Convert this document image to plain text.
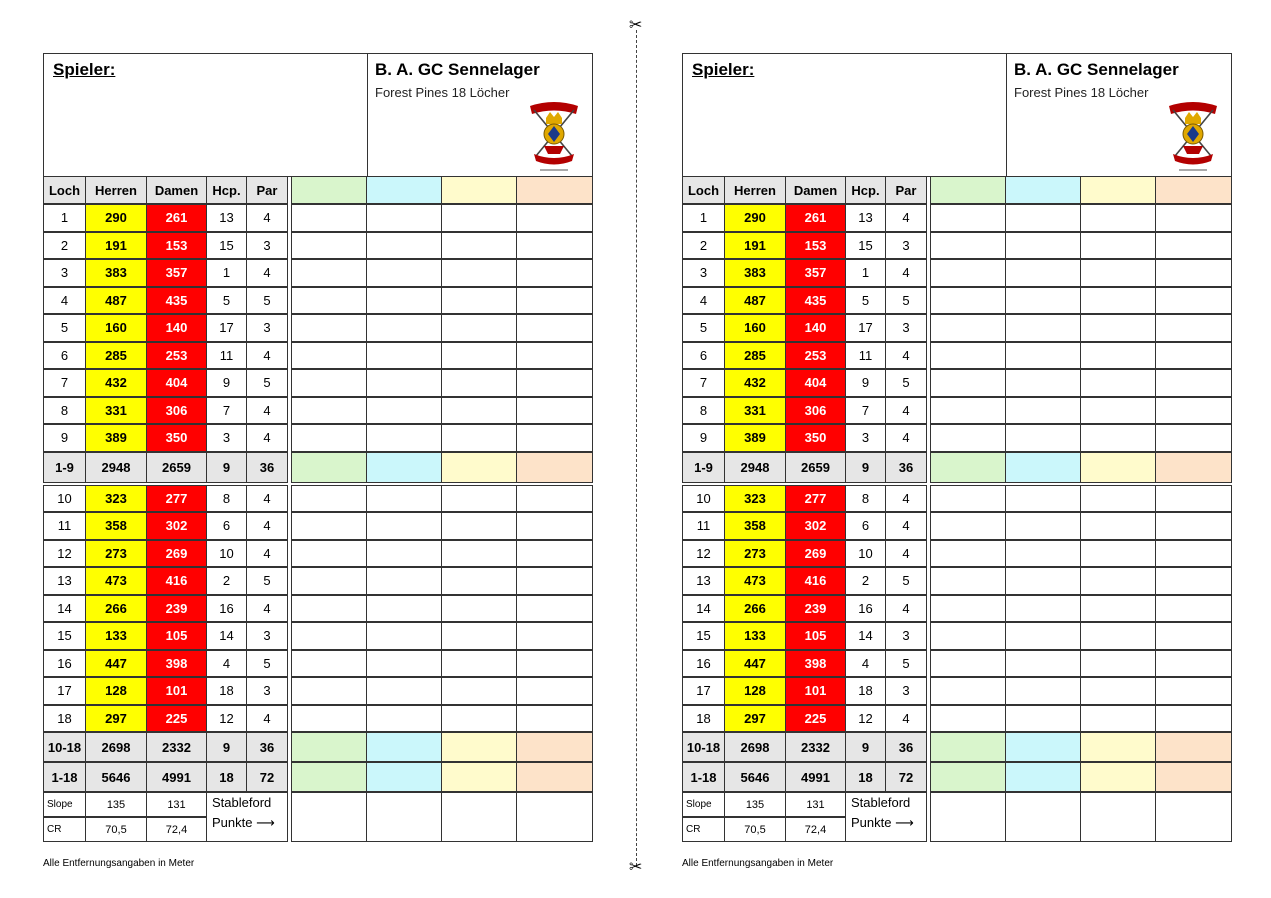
✂
✂
Spieler:	B. A. GC Sennelager
Forest Pines 18 Löcher
Loch	Herren	Damen	Hcp.	Par
1	290	261	13	4
2	191	153	15	3
3	383	357	1	4
4	487	435	5	5
5	160	140	17	3
6	285	253	11	4
7	432	404	9	5
8	331	306	7	4
9	389	350	3	4
1-9	2948	2659	9	36
10	323	277	8	4
11	358	302	6	4
12	273	269	10	4
13	473	416	2	5
14	266	239	16	4
15	133	105	14	3
16	447	398	4	5
17	128	101	18	3
18	297	225	12	4
10-18	2698	2332	9	36
1-18	5646	4991	18	72
Slope	135	131
CR	70,5	72,4
Stableford
Punkte ⟶
Alle Entfernungsangaben in Meter
Spieler:	B. A. GC Sennelager
Forest Pines 18 Löcher
Loch	Herren	Damen	Hcp.	Par
1	290	261	13	4
2	191	153	15	3
3	383	357	1	4
4	487	435	5	5
5	160	140	17	3
6	285	253	11	4
7	432	404	9	5
8	331	306	7	4
9	389	350	3	4
1-9	2948	2659	9	36
10	323	277	8	4
11	358	302	6	4
12	273	269	10	4
13	473	416	2	5
14	266	239	16	4
15	133	105	14	3
16	447	398	4	5
17	128	101	18	3
18	297	225	12	4
10-18	2698	2332	9	36
1-18	5646	4991	18	72
Slope	135	131
CR	70,5	72,4
Stableford
Punkte ⟶
Alle Entfernungsangaben in Meter
